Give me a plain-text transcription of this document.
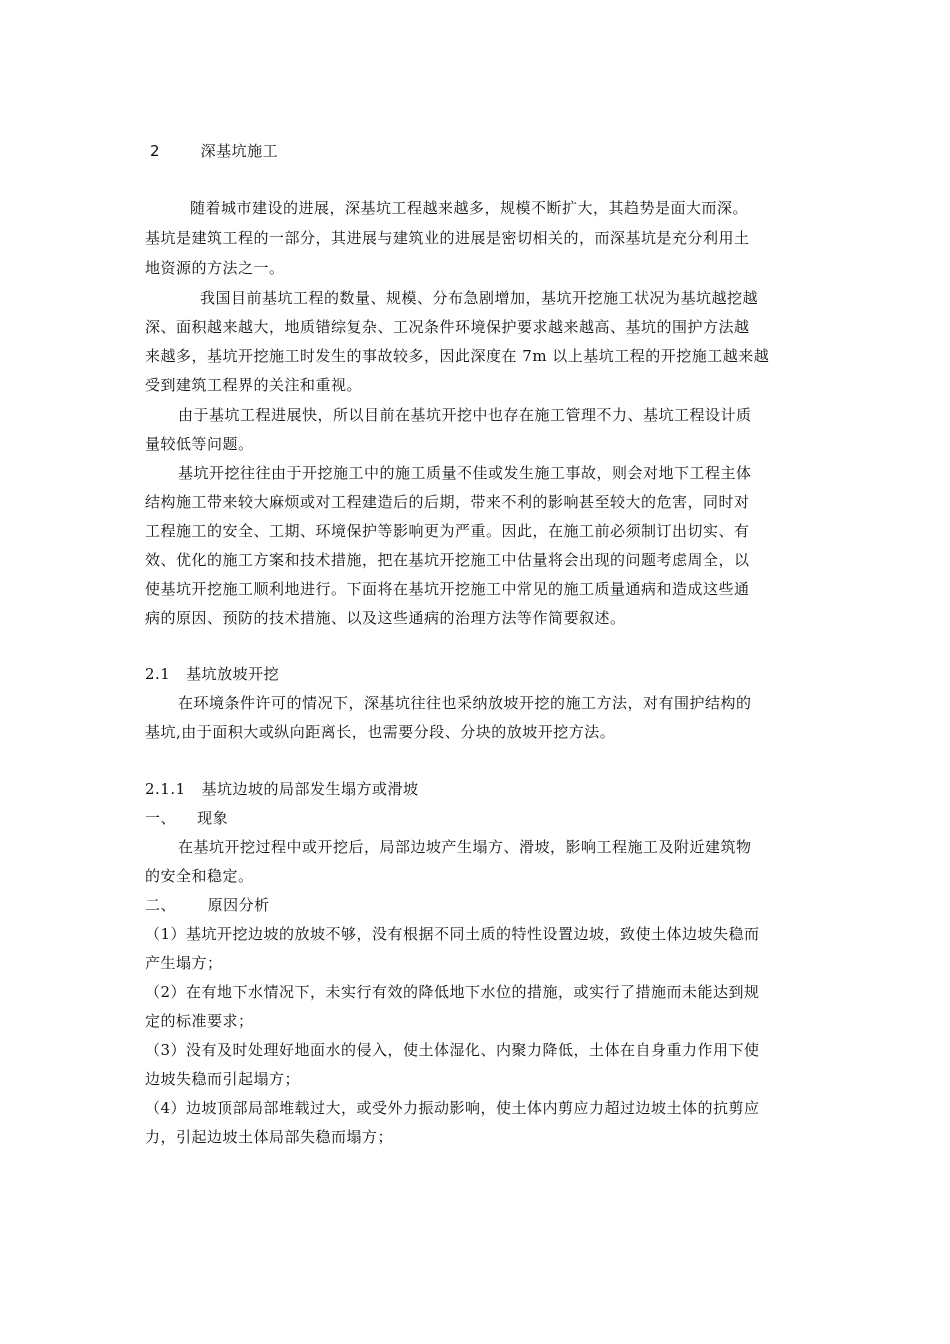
2	深基坑施工
随着城市建设的进展，深基坑工程越来越多，规模不断扩大，其趋势是面大而深。
基坑是建筑工程的一部分，其进展与建筑业的进展是密切相关的，而深基坑是充分利用土
地资源的方法之一。
我国目前基坑工程的数量、规模、分布急剧增加，基坑开挖施工状况为基坑越挖越
深、面积越来越大，地质错综复杂、工况条件环境保护要求越来越高、基坑的围护方法越
来越多，基坑开挖施工时发生的事故较多，因此深度在 7m 以上基坑工程的开挖施工越来越
受到建筑工程界的关注和重视。
由于基坑工程进展快，所以目前在基坑开挖中也存在施工管理不力、基坑工程设计质
量较低等问题。
基坑开挖往往由于开挖施工中的施工质量不佳或发生施工事故，则会对地下工程主体
结构施工带来较大麻烦或对工程建造后的后期，带来不利的影响甚至较大的危害，同时对
工程施工的安全、工期、环境保护等影响更为严重。因此，在施工前必须制订出切实、有
效、优化的施工方案和技术措施，把在基坑开挖施工中估量将会出现的问题考虑周全，以
使基坑开挖施工顺利地进行。下面将在基坑开挖施工中常见的施工质量通病和造成这些通
病的原因、预防的技术措施、以及这些通病的治理方法等作简要叙述。
2.1   基坑放坡开挖
在环境条件许可的情况下，深基坑往往也采纳放坡开挖的施工方法，对有围护结构的
基坑,由于面积大或纵向距离长，也需要分段、分块的放坡开挖方法。
2.1.1   基坑边坡的局部发生塌方或滑坡
一、    现象
在基坑开挖过程中或开挖后，局部边坡产生塌方、滑坡，影响工程施工及附近建筑物
的安全和稳定。
二、      原因分析
（1）基坑开挖边坡的放坡不够，没有根据不同土质的特性设置边坡，致使土体边坡失稳而
产生塌方；
（2）在有地下水情况下，未实行有效的降低地下水位的措施，或实行了措施而未能达到规
定的标准要求；
（3）没有及时处理好地面水的侵入，使土体湿化、内聚力降低，土体在自身重力作用下使
边坡失稳而引起塌方；
（4）边坡顶部局部堆载过大，或受外力振动影响，使土体内剪应力超过边坡土体的抗剪应
力，引起边坡土体局部失稳而塌方；
